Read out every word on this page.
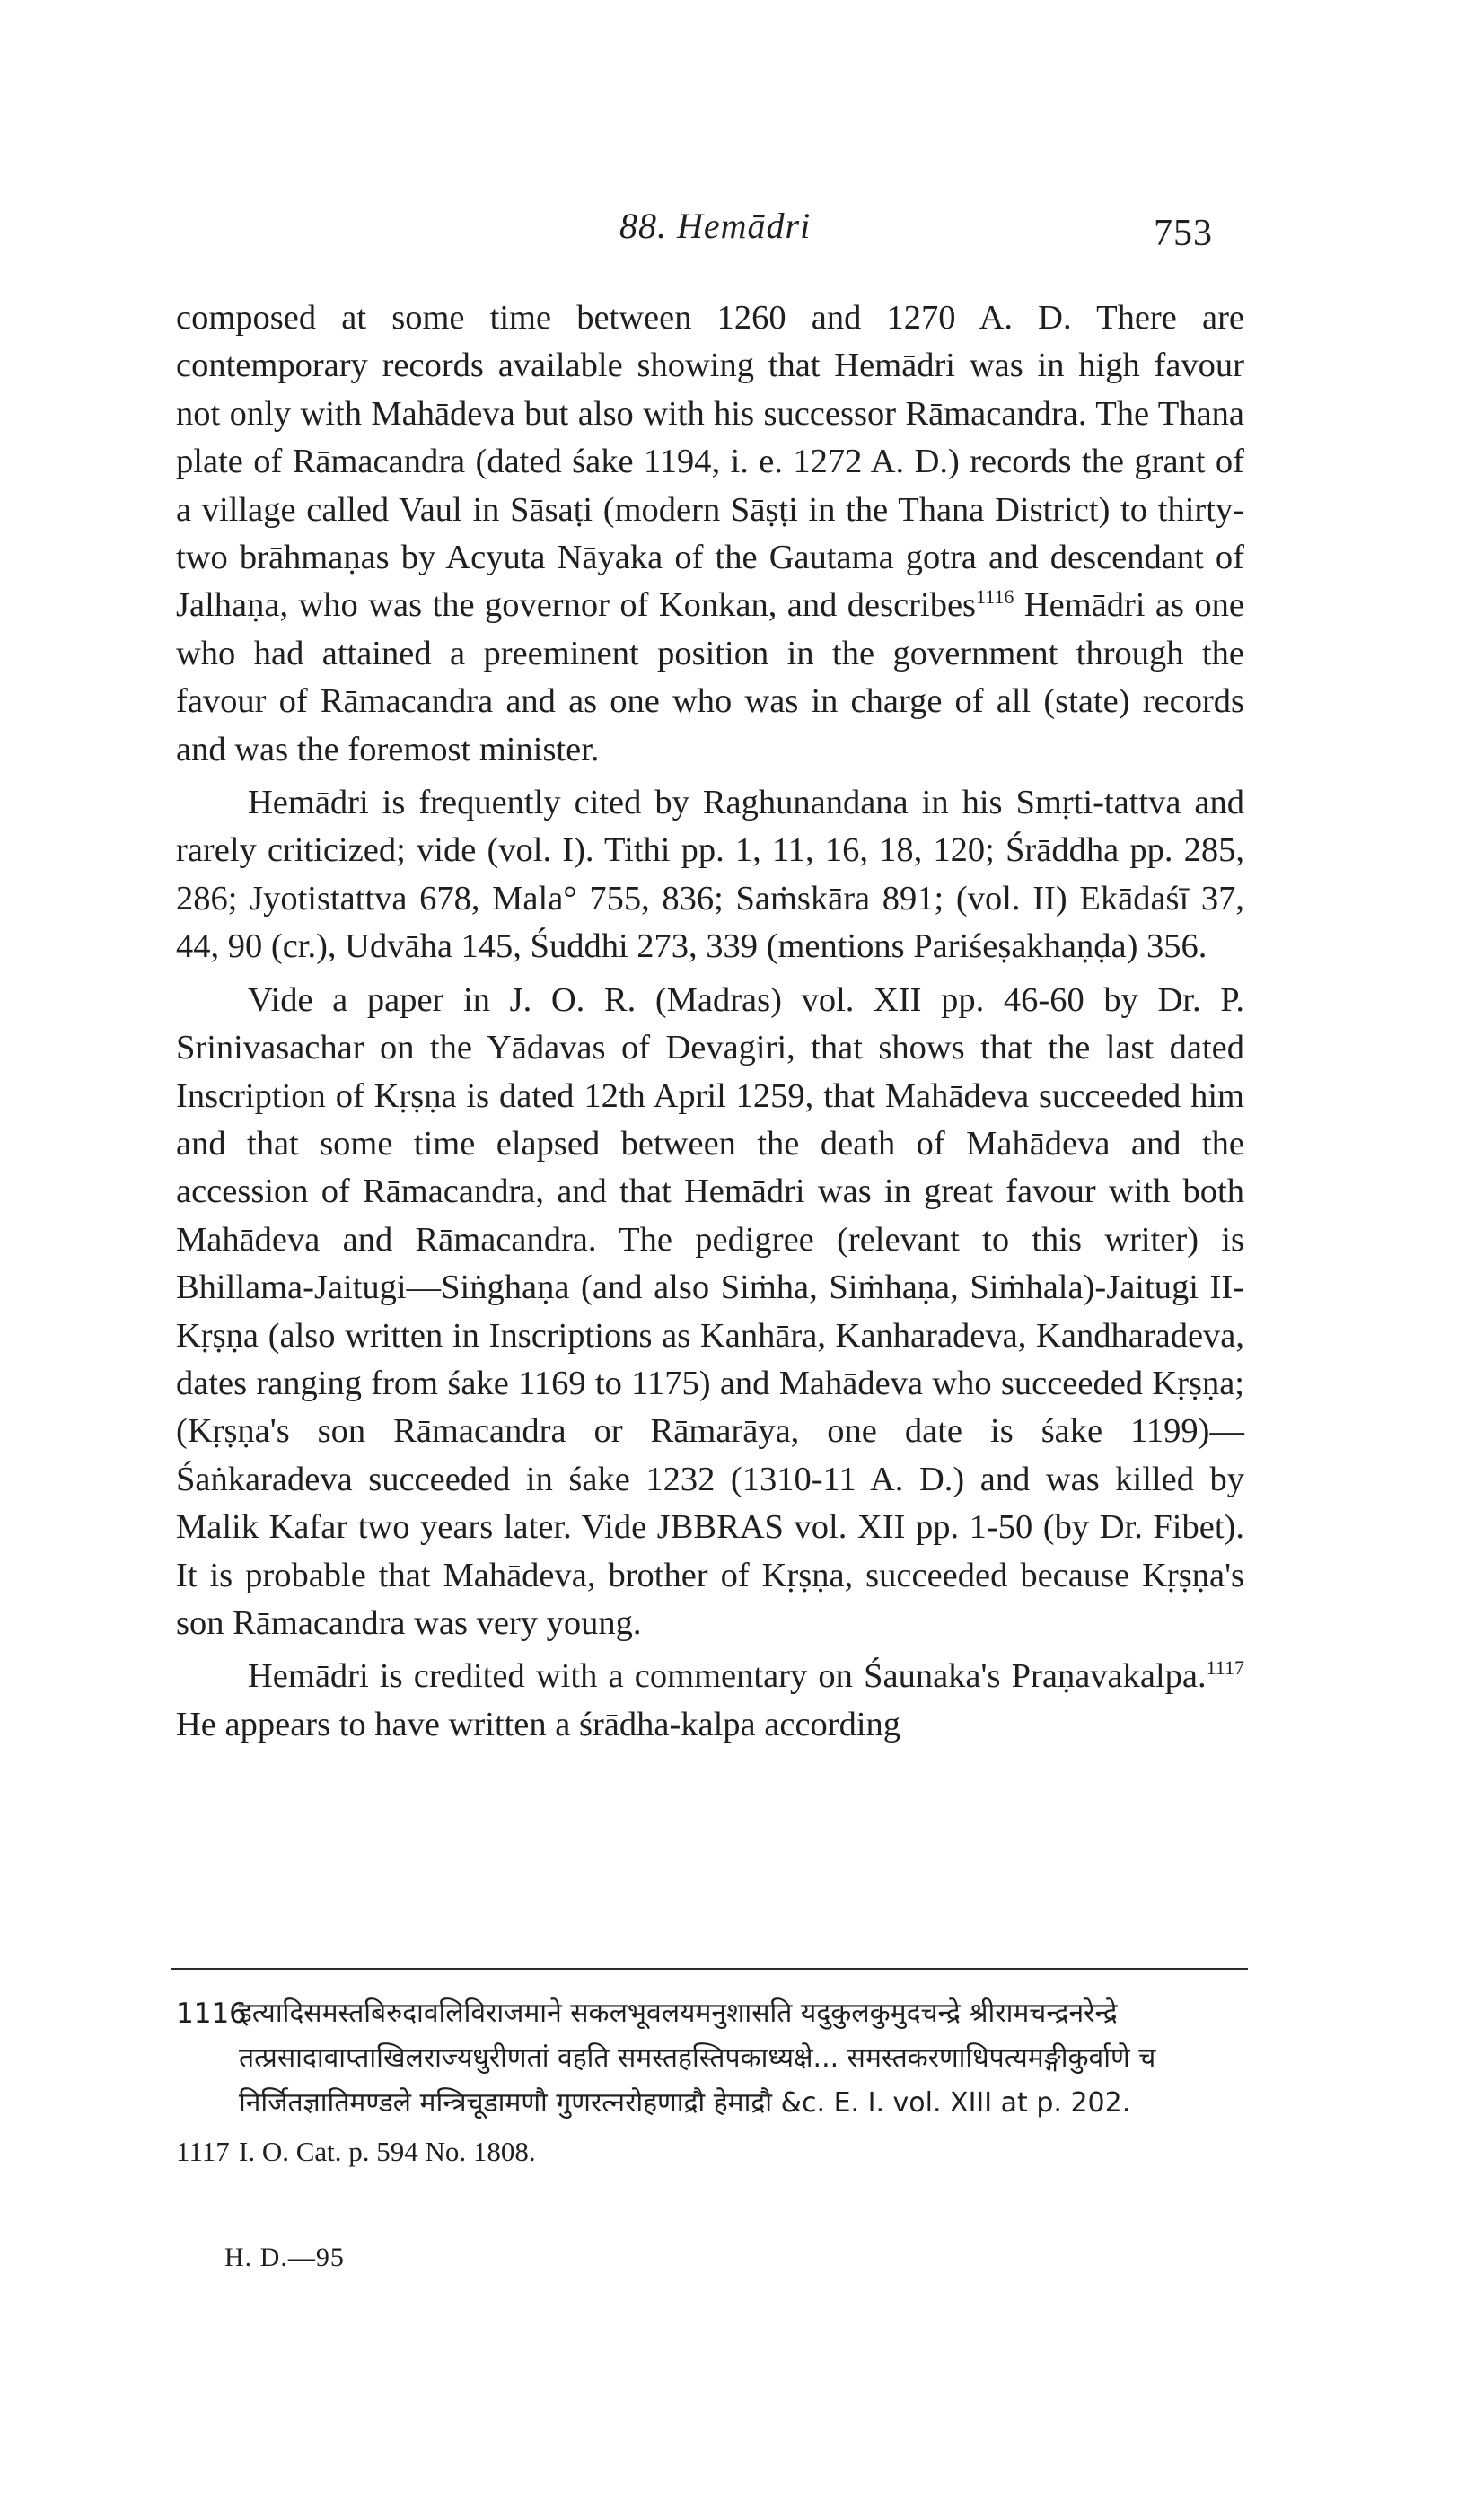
88. Hemādri	753

composed at some time between 1260 and 1270 A. D. There are contemporary records available showing that Hemādri was in high favour not only with Mahādeva but also with his successor Rāmacandra. The Thana plate of Rāmacandra (dated śake 1194, i. e. 1272 A. D.) records the grant of a village called Vaul in Sāsaṭi (modern Sāṣṭi in the Thana District) to thirty-two brāhmaṇas by Acyuta Nāyaka of the Gautama gotra and descendant of Jalhaṇa, who was the governor of Konkan, and describes$^{1116}$ Hemādri as one who had attained a preeminent position in the government through the favour of Rāmacandra and as one who was in charge of all (state) records and was the foremost minister.

Hemādri is frequently cited by Raghunandana in his Smṛti-tattva and rarely criticized; vide (vol. I). Tithi pp. 1, 11, 16, 18, 120; Śrāddha pp. 285, 286; Jyotistattva 678, Mala° 755, 836; Saṁskāra 891; (vol. II) Ekādaśī 37, 44, 90 (cr.), Udvāha 145, Śuddhi 273, 339 (mentions Pariśeṣakhaṇḍa) 356.

Vide a paper in J. O. R. (Madras) vol. XII pp. 46-60 by Dr. P. Srinivasachar on the Yādavas of Devagiri, that shows that the last dated Inscription of Kṛṣṇa is dated 12th April 1259, that Mahādeva succeeded him and that some time elapsed between the death of Mahādeva and the accession of Rāmacandra, and that Hemādri was in great favour with both Mahādeva and Rāmacandra. The pedigree (relevant to this writer) is Bhillama-Jaitugi—Siṅghaṇa (and also Siṁha, Siṁhaṇa, Siṁhala)-Jaitugi II-Kṛṣṇa (also written in Inscriptions as Kanhāra, Kanharadeva, Kandharadeva, dates ranging from śake 1169 to 1175) and Mahādeva who succeeded Kṛṣṇa; (Kṛṣṇa's son Rāmacandra or Rāmarāya, one date is śake 1199)—Śaṅkaradeva succeeded in śake 1232 (1310-11 A. D.) and was killed by Malik Kafar two years later. Vide JBBRAS vol. XII pp. 1-50 (by Dr. Fibet). It is probable that Mahādeva, brother of Kṛṣṇa, succeeded because Kṛṣṇa's son Rāmacandra was very young.

Hemādri is credited with a commentary on Śaunaka's Praṇavakalpa.$^{1117}$ He appears to have written a śrādha-kalpa according

1116
इत्यादिसमस्तबिरुदावलिविराजमाने सकलभूवलयमनुशासति यदुकुलकुमुदचन्द्रे श्रीरामचन्द्रनरेन्द्रे तत्प्रसादावाप्ताखिलराज्यधुरीणतां वहति समस्तहस्तिपकाध्यक्षे... समस्तकरणाधिपत्यमङ्गीकुर्वाणे च निर्जितज्ञातिमण्डले मन्त्रिचूडामणौ गुणरत्नरोहणाद्रौ हेमाद्रौ &c. E. I. vol. XIII at p. 202.
1117 I. O. Cat. p. 594 No. 1808.
H. D.—95
